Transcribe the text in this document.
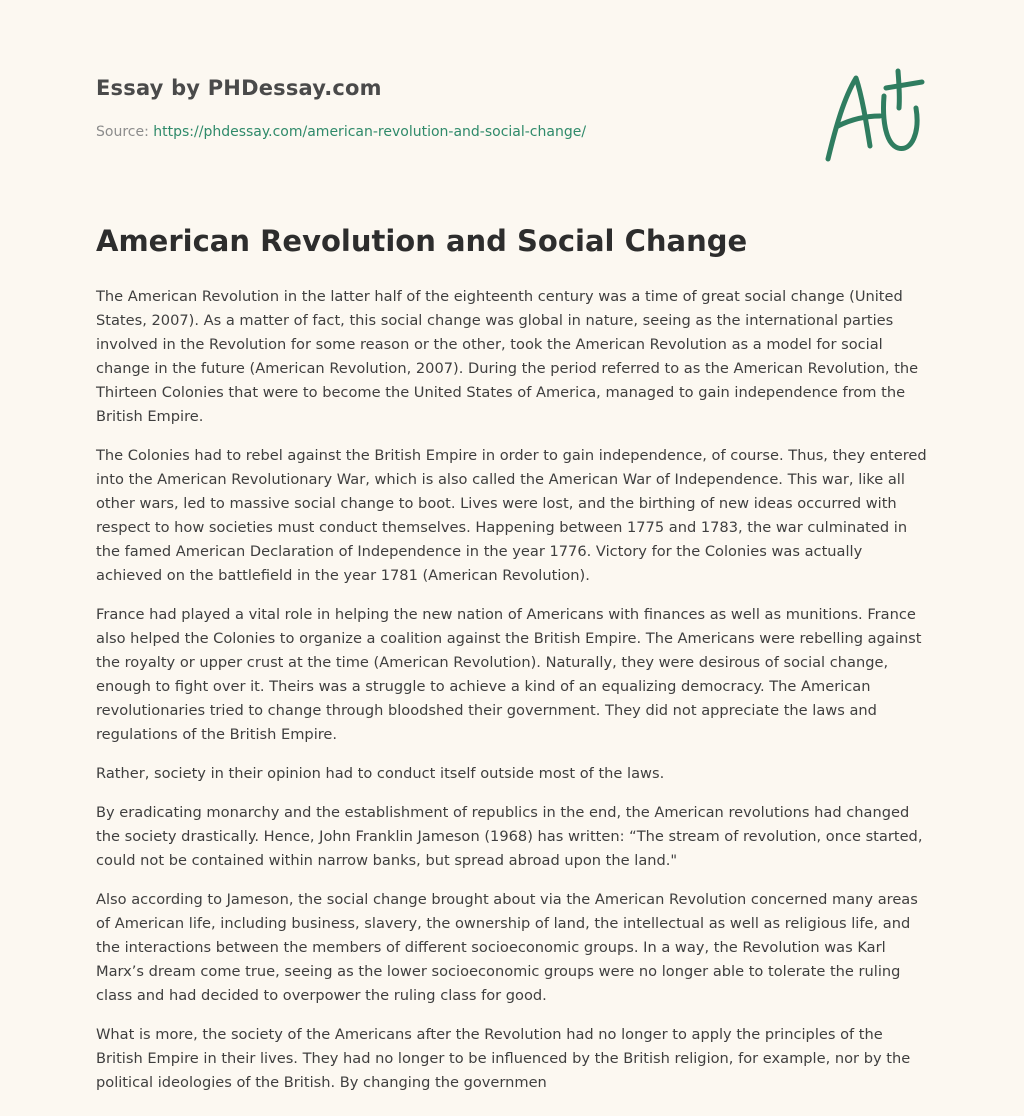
Essay by PHDessay.com
Source: https://phdessay.com/american-revolution-and-social-change/
American Revolution and Social Change

The American Revolution in the latter half of the eighteenth century was a time of great social change (United States, 2007). As a matter of fact, this social change was global in nature, seeing as the international parties involved in the Revolution for some reason or the other, took the American Revolution as a model for social change in the future (American Revolution, 2007). During the period referred to as the American Revolution, the Thirteen Colonies that were to become the United States of America, managed to gain independence from the British Empire.

The Colonies had to rebel against the British Empire in order to gain independence, of course. Thus, they entered into the American Revolutionary War, which is also called the American War of Independence. This war, like all other wars, led to massive social change to boot. Lives were lost, and the birthing of new ideas occurred with respect to how societies must conduct themselves. Happening between 1775 and 1783, the war culminated in the famed American Declaration of Independence in the year 1776. Victory for the Colonies was actually achieved on the battlefield in the year 1781 (American Revolution).

France had played a vital role in helping the new nation of Americans with finances as well as munitions. France also helped the Colonies to organize a coalition against the British Empire. The Americans were rebelling against the royalty or upper crust at the time (American Revolution). Naturally, they were desirous of social change, enough to fight over it. Theirs was a struggle to achieve a kind of an equalizing democracy. The American revolutionaries tried to change through bloodshed their government. They did not appreciate the laws and regulations of the British Empire.

Rather, society in their opinion had to conduct itself outside most of the laws.

By eradicating monarchy and the establishment of republics in the end, the American revolutions had changed the society drastically. Hence, John Franklin Jameson (1968) has written: “The stream of revolution, once started, could not be contained within narrow banks, but spread abroad upon the land."

Also according to Jameson, the social change brought about via the American Revolution concerned many areas of American life, including business, slavery, the ownership of land, the intellectual as well as religious life, and the interactions between the members of different socioeconomic groups. In a way, the Revolution was Karl Marx’s dream come true, seeing as the lower socioeconomic groups were no longer able to tolerate the ruling class and had decided to overpower the ruling class for good.

What is more, the society of the Americans after the Revolution had no longer to apply the principles of the British Empire in their lives. They had no longer to be influenced by the British religion, for example, nor by the political ideologies of the British. By changing the governmen
